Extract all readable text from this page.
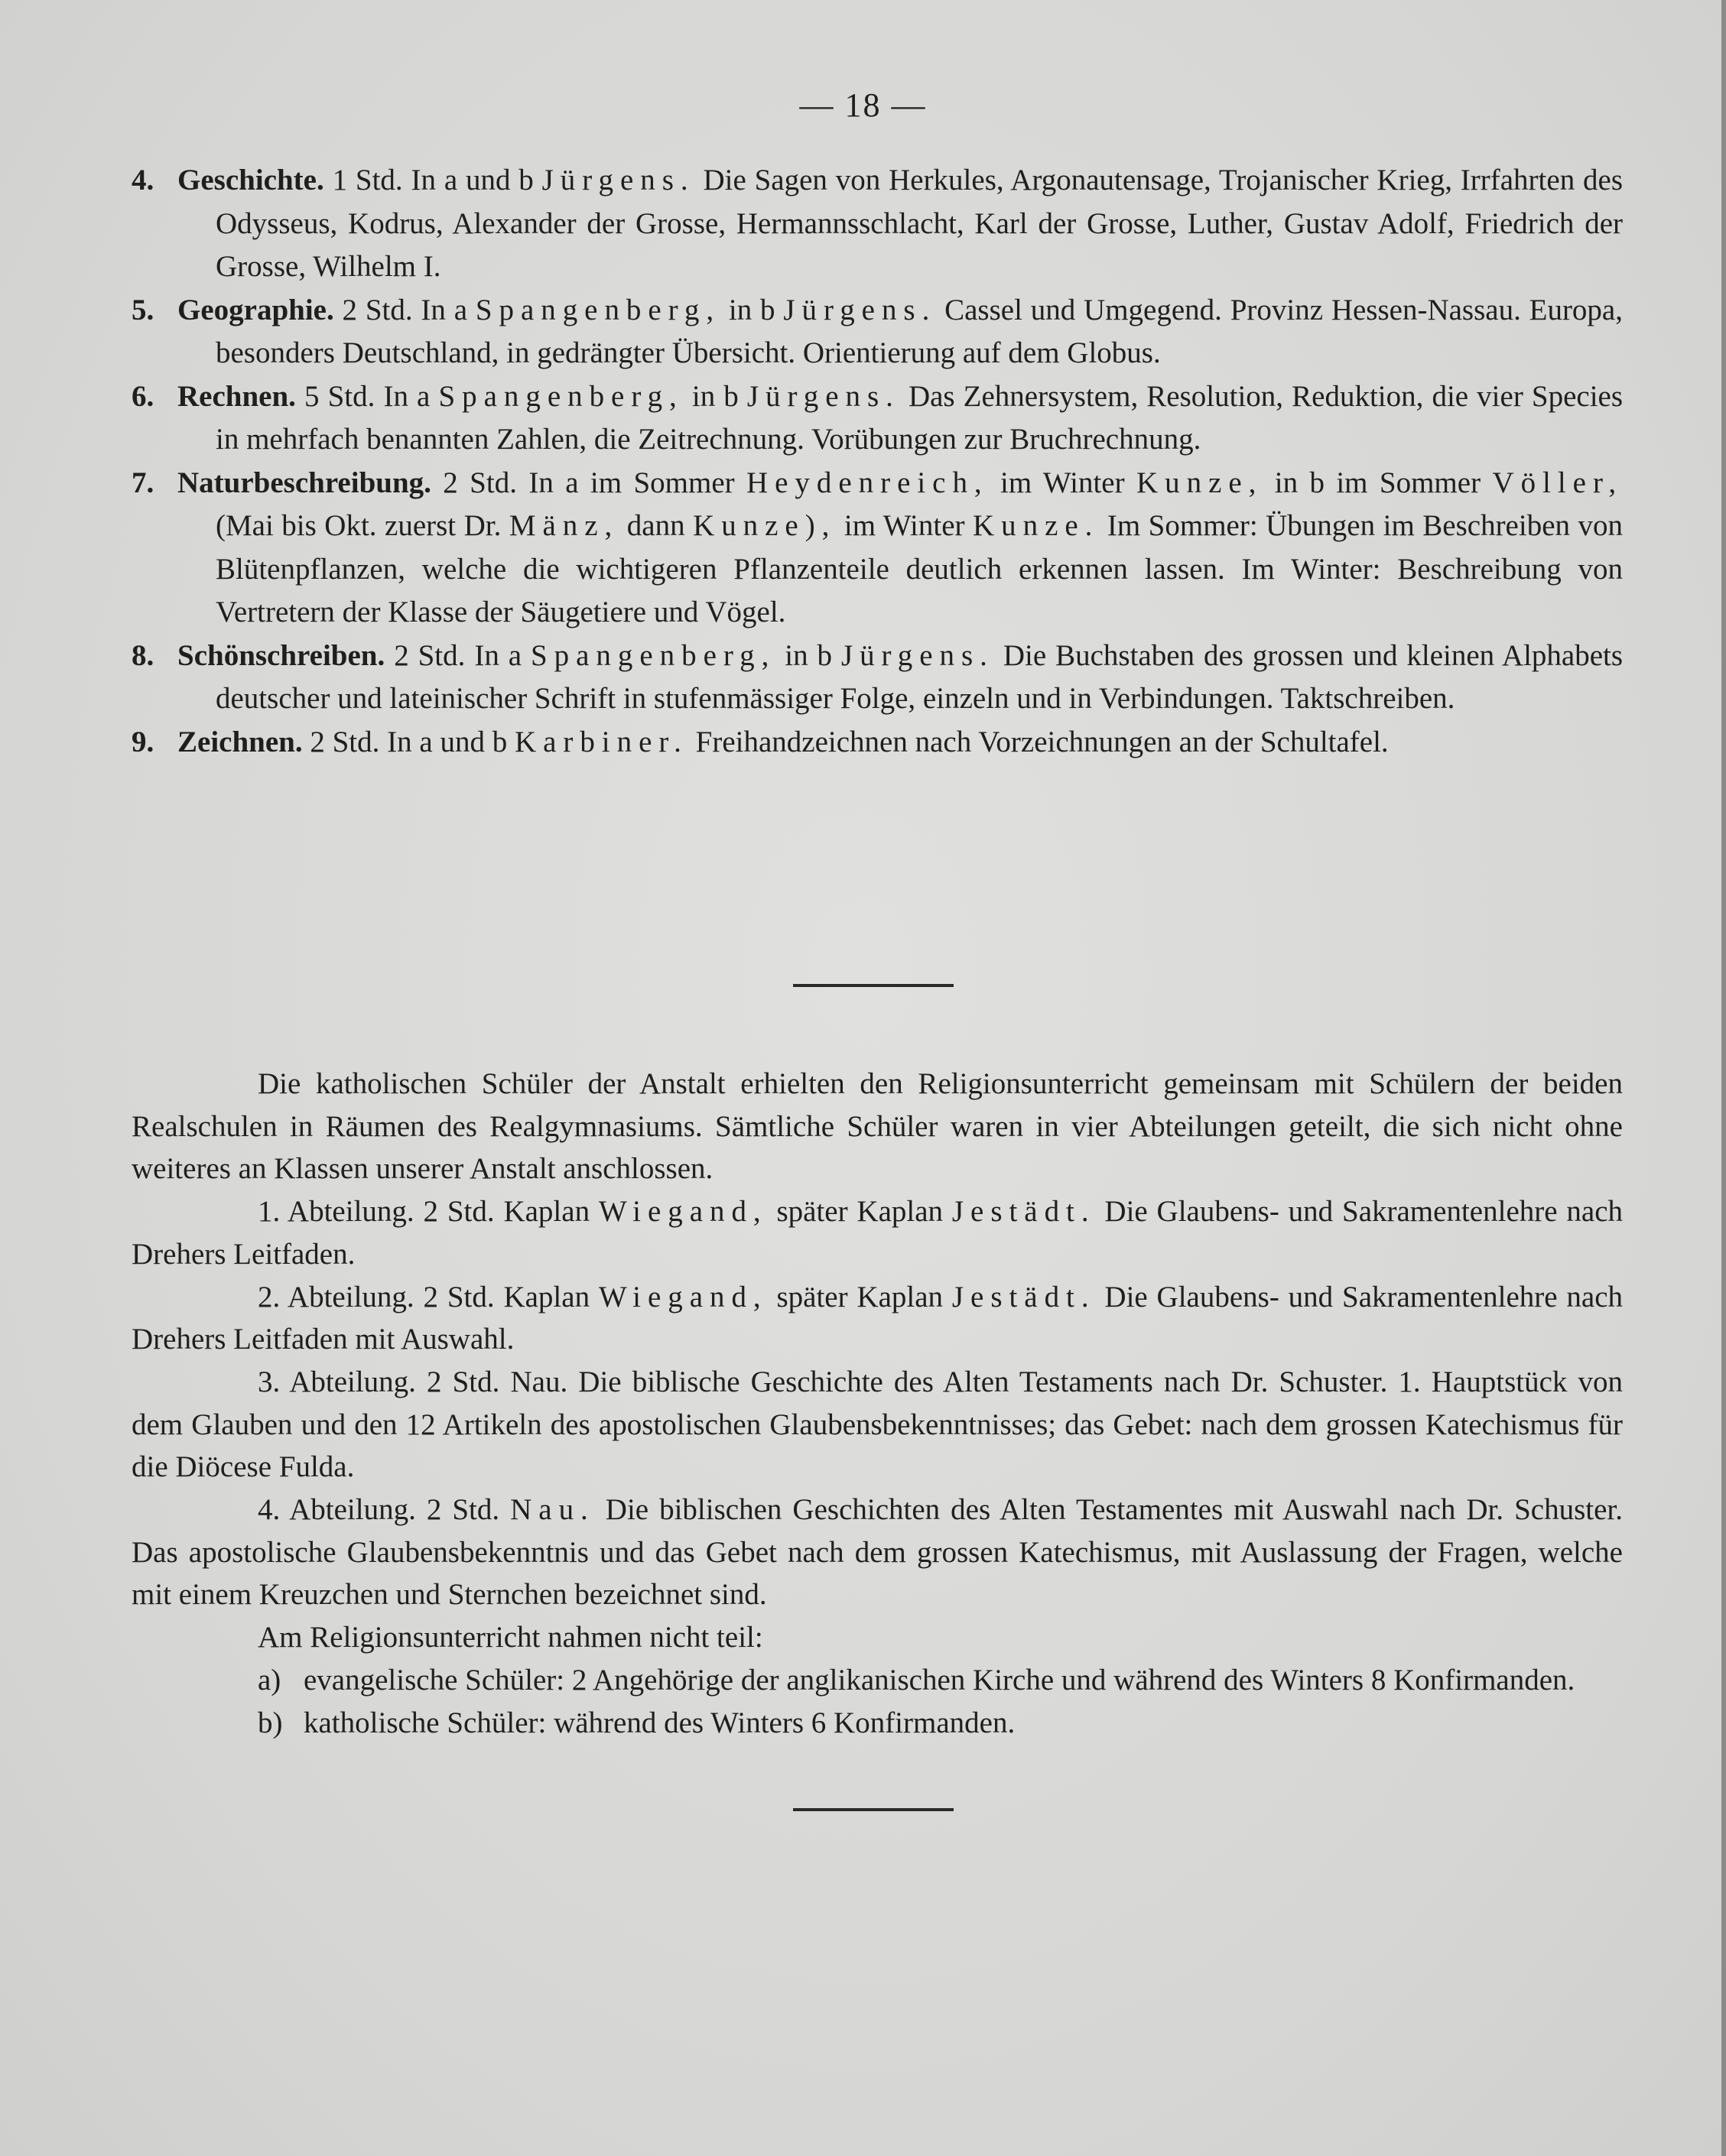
— 18 —
4. Geschichte. 1 Std. In a und b Jürgens. Die Sagen von Herkules, Argonautensage, Trojanischer Krieg, Irrfahrten des Odysseus, Kodrus, Alexander der Grosse, Hermannsschlacht, Karl der Grosse, Luther, Gustav Adolf, Friedrich der Grosse, Wilhelm I.
5. Geographie. 2 Std. In a Spangenberg, in b Jürgens. Cassel und Umgegend. Provinz Hessen-Nassau. Europa, besonders Deutschland, in gedrängter Übersicht. Orientierung auf dem Globus.
6. Rechnen. 5 Std. In a Spangenberg, in b Jürgens. Das Zehnersystem, Resolution, Reduktion, die vier Species in mehrfach benannten Zahlen, die Zeitrechnung. Vorübungen zur Bruchrechnung.
7. Naturbeschreibung. 2 Std. In a im Sommer Heydenreich, im Winter Kunze, in b im Sommer Völler, (Mai bis Okt. zuerst Dr. Mänz, dann Kunze), im Winter Kunze. Im Sommer: Übungen im Beschreiben von Blütenpflanzen, welche die wichtigeren Pflanzenteile deutlich erkennen lassen. Im Winter: Beschreibung von Vertretern der Klasse der Säugetiere und Vögel.
8. Schönschreiben. 2 Std. In a Spangenberg, in b Jürgens. Die Buchstaben des grossen und kleinen Alphabets deutscher und lateinischer Schrift in stufenmässiger Folge, einzeln und in Verbindungen. Taktschreiben.
9. Zeichnen. 2 Std. In a und b Karbiner. Freihandzeichnen nach Vorzeichnungen an der Schultafel.
Die katholischen Schüler der Anstalt erhielten den Religionsunterricht gemeinsam mit Schülern der beiden Realschulen in Räumen des Realgymnasiums. Sämtliche Schüler waren in vier Abteilungen geteilt, die sich nicht ohne weiteres an Klassen unserer Anstalt anschlossen.
1. Abteilung. 2 Std. Kaplan Wiegand, später Kaplan Jestädt. Die Glaubens- und Sakramentenlehre nach Drehers Leitfaden.
2. Abteilung. 2 Std. Kaplan Wiegand, später Kaplan Jestädt. Die Glaubens- und Sakramentenlehre nach Drehers Leitfaden mit Auswahl.
3. Abteilung. 2 Std. Nau. Die biblische Geschichte des Alten Testaments nach Dr. Schuster. 1. Hauptstück von dem Glauben und den 12 Artikeln des apostolischen Glaubensbekenntnisses; das Gebet: nach dem grossen Katechismus für die Diöcese Fulda.
4. Abteilung. 2 Std. Nau. Die biblischen Geschichten des Alten Testamentes mit Auswahl nach Dr. Schuster. Das apostolische Glaubensbekenntnis und das Gebet nach dem grossen Katechismus, mit Auslassung der Fragen, welche mit einem Kreuzchen und Sternchen bezeichnet sind.
Am Religionsunterricht nahmen nicht teil:
a) evangelische Schüler: 2 Angehörige der anglikanischen Kirche und während des Winters 8 Konfirmanden.
b) katholische Schüler: während des Winters 6 Konfirmanden.
